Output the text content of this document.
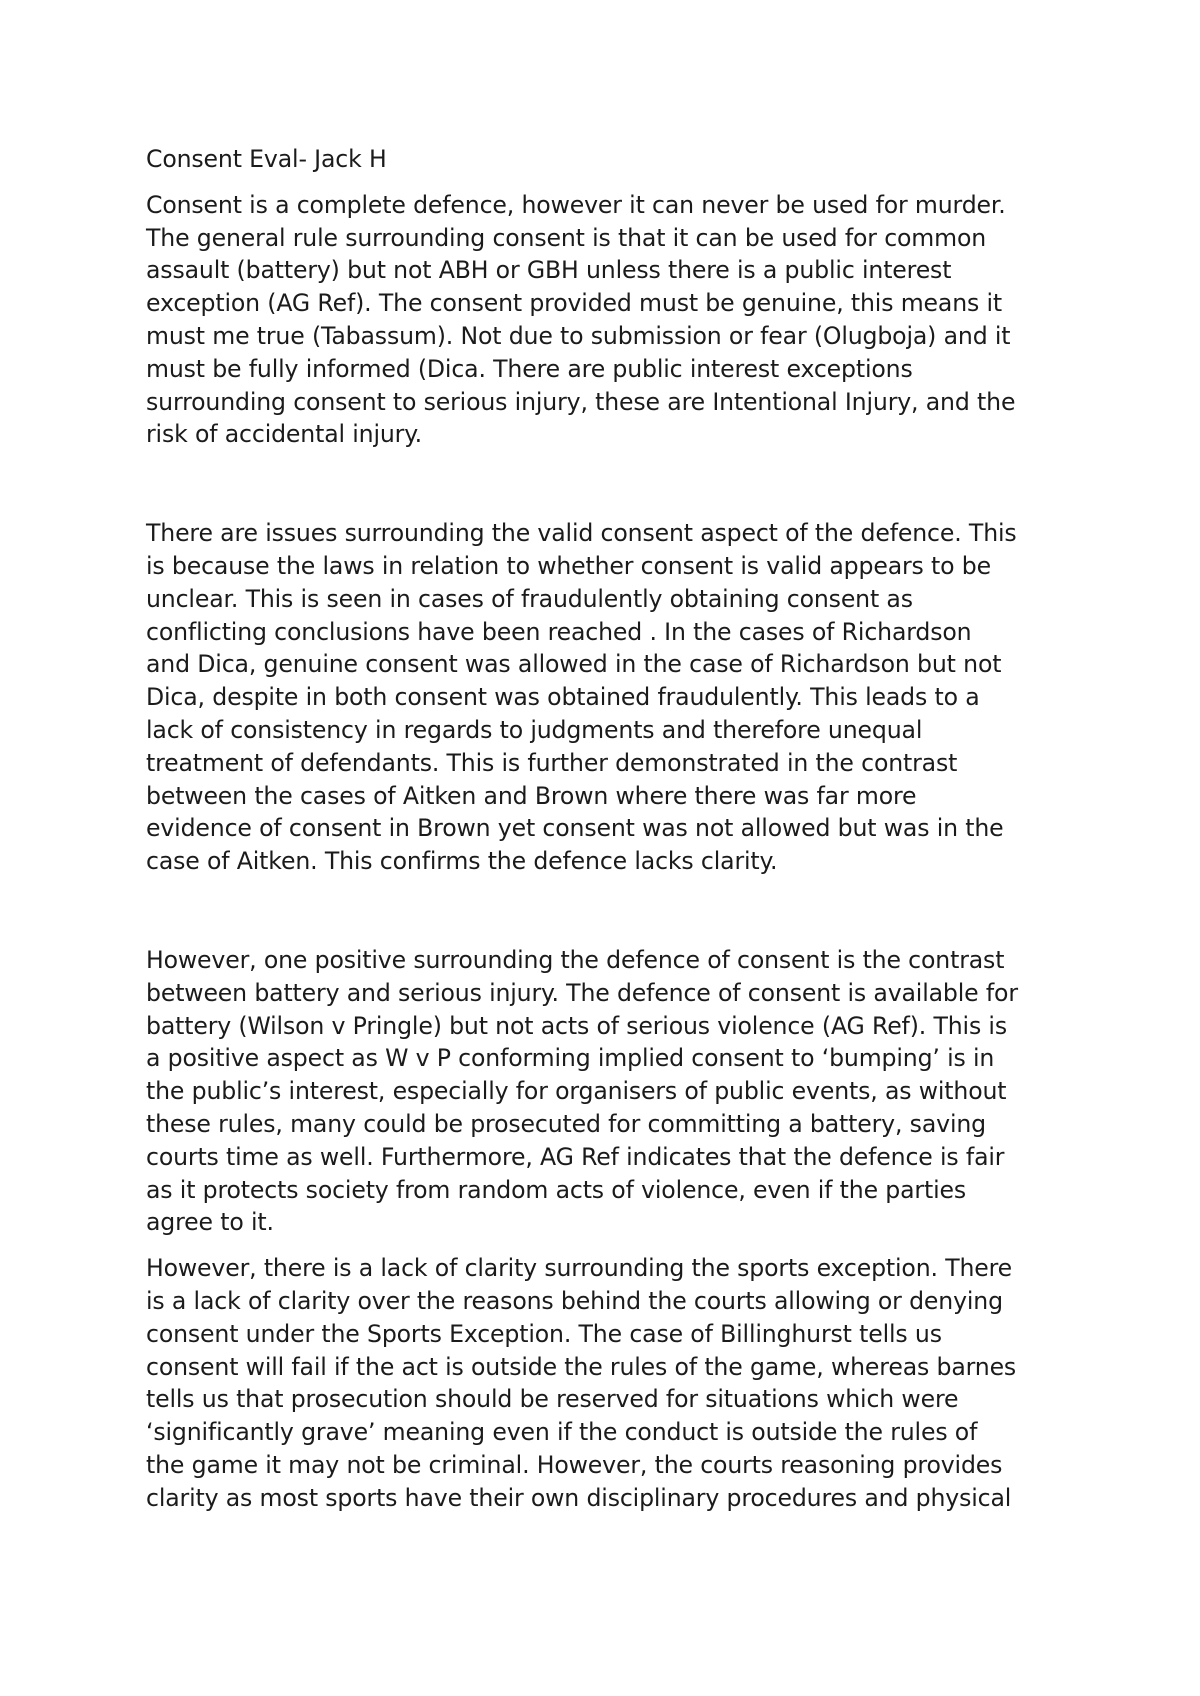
Consent Eval- Jack H

Consent is a complete defence, however it can never be used for murder.
The general rule surrounding consent is that it can be used for common
assault (battery) but not ABH or GBH unless there is a public interest
exception (AG Ref). The consent provided must be genuine, this means it
must me true (Tabassum). Not due to submission or fear (Olugboja) and it
must be fully informed (Dica. There are public interest exceptions
surrounding consent to serious injury, these are Intentional Injury, and the
risk of accidental injury.
There are issues surrounding the valid consent aspect of the defence. This
is because the laws in relation to whether consent is valid appears to be
unclear. This is seen in cases of fraudulently obtaining consent as
conflicting conclusions have been reached . In the cases of Richardson
and Dica, genuine consent was allowed in the case of Richardson but not
Dica, despite in both consent was obtained fraudulently. This leads to a
lack of consistency in regards to judgments and therefore unequal
treatment of defendants. This is further demonstrated in the contrast
between the cases of Aitken and Brown where there was far more
evidence of consent in Brown yet consent was not allowed but was in the
case of Aitken. This confirms the defence lacks clarity.
However, one positive surrounding the defence of consent is the contrast
between battery and serious injury. The defence of consent is available for
battery (Wilson v Pringle) but not acts of serious violence (AG Ref). This is
a positive aspect as W v P conforming implied consent to ‘bumping’ is in
the public’s interest, especially for organisers of public events, as without
these rules, many could be prosecuted for committing a battery, saving
courts time as well. Furthermore, AG Ref indicates that the defence is fair
as it protects society from random acts of violence, even if the parties
agree to it.
However, there is a lack of clarity surrounding the sports exception. There
is a lack of clarity over the reasons behind the courts allowing or denying
consent under the Sports Exception. The case of Billinghurst tells us
consent will fail if the act is outside the rules of the game, whereas barnes
tells us that prosecution should be reserved for situations which were
‘significantly grave’ meaning even if the conduct is outside the rules of
the game it may not be criminal. However, the courts reasoning provides
clarity as most sports have their own disciplinary procedures and physical
